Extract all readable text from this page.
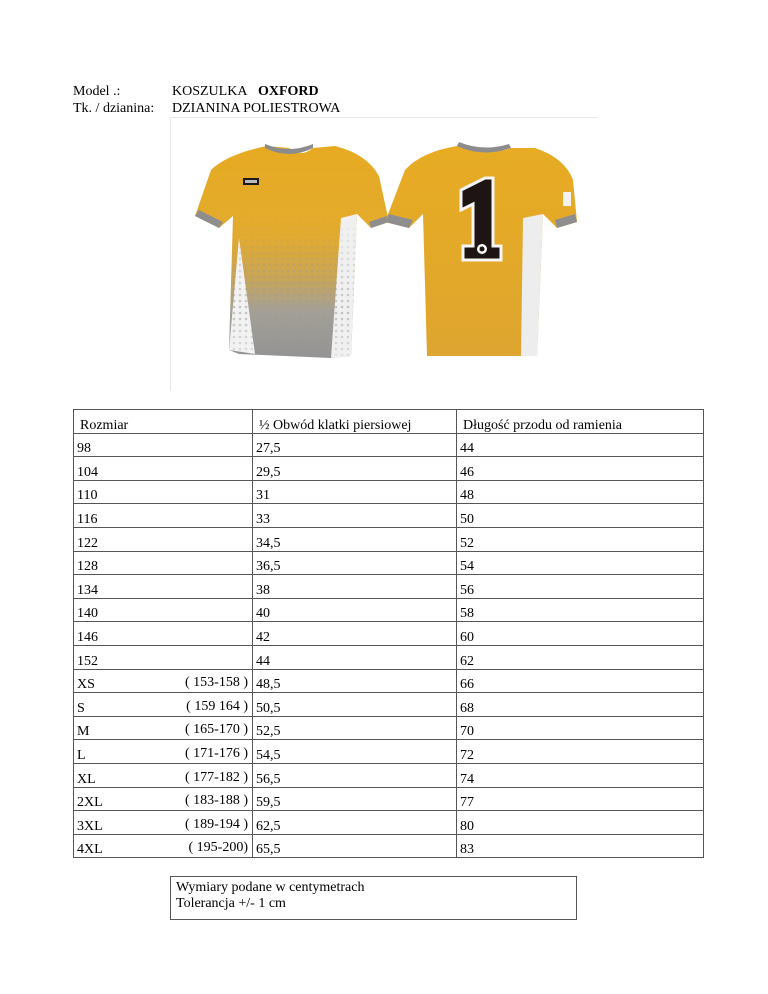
Model .:	KOSZULKA OXFORD
Tk. / dzianina: DZIANINA POLIESTROWA
Rozmiar	½ Obwód klatki piersiowej	Długość przodu od ramienia
98	27,5	44
104	29,5	46
110	31	48
116	33	50
122	34,5	52
128	36,5	54
134	38	56
140	40	58
146	42	60
152	44	62
XS ( 153-158 )	48,5	66
S ( 159 164 )	50,5	68
M ( 165-170 )	52,5	70
L ( 171-176 )	54,5	72
XL ( 177-182 )	56,5	74
2XL ( 183-188 )	59,5	77
3XL ( 189-194 )	62,5	80
4XL ( 195-200)	65,5	83
Wymiary podane w centymetrach
Tolerancja +/- 1 cm
